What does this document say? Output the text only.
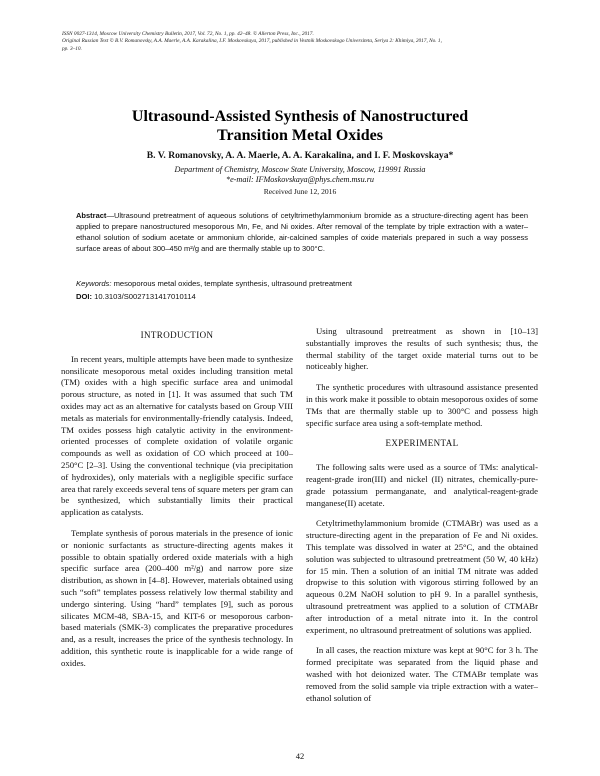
ISSN 0027-1314, Moscow University Chemistry Bulletin, 2017, Vol. 72, No. 1, pp. 42–48. © Allerton Press, Inc., 2017.
Original Russian Text © B.V. Romanovsky, A.A. Maerle, A.A. Karakalina, I.F. Moskovskaya, 2017, published in Vestnik Moskovskogo Universiteta, Seriya 2: Khimiya, 2017, No. 1,
pp. 3–10.
Ultrasound-Assisted Synthesis of Nanostructured
Transition Metal Oxides
B. V. Romanovsky, A. A. Maerle, A. A. Karakalina, and I. F. Moskovskaya*
Department of Chemistry, Moscow State University, Moscow, 119991 Russia
*e-mail: IFMoskovskaya@phys.chem.msu.ru
Received June 12, 2016
Abstract—Ultrasound pretreatment of aqueous solutions of cetyltrimethylammonium bromide as a structure-directing agent has been applied to prepare nanostructured mesoporous Mn, Fe, and Ni oxides. After removal of the template by triple extraction with a water–ethanol solution of sodium acetate or ammonium chloride, air-calcined samples of oxide materials prepared in such a way possess surface areas of about 300–450 m²/g and are thermally stable up to 300°C.
Keywords: mesoporous metal oxides, template synthesis, ultrasound pretreatment
DOI: 10.3103/S0027131417010114
INTRODUCTION

In recent years, multiple attempts have been made to synthesize nonsilicate mesoporous metal oxides including transition metal (TM) oxides with a high specific surface area and unimodal porous structure, as noted in [1]. It was assumed that such TM oxides may act as an alternative for catalysts based on Group VIII metals as materials for environmentally-friendly catalysis. Indeed, TM oxides possess high catalytic activity in the environment-oriented processes of complete oxidation of volatile organic compounds as well as oxidation of CO which proceed at 100–250°C [2–3]. Using the conventional technique (via precipitation of hydroxides), only materials with a negligible specific surface area that rarely exceeds several tens of square meters per gram can be synthesized, which substantially limits their practical application as catalysts.

Template synthesis of porous materials in the presence of ionic or nonionic surfactants as structure-directing agents makes it possible to obtain spatially ordered oxide materials with a high specific surface area (200–400 m²/g) and narrow pore size distribution, as shown in [4–8]. However, materials obtained using such “soft” templates possess relatively low thermal stability and undergo sintering. Using “hard” templates [9], such as porous silicates MCM-48, SBA-15, and KIT-6 or mesoporous carbon-based materials (SMK-3) complicates the preparative procedures and, as a result, increases the price of the synthesis technology. In addition, this synthetic route is inapplicable for a wide range of oxides.

Using ultrasound pretreatment as shown in [10–13] substantially improves the results of such synthesis; thus, the thermal stability of the target oxide material turns out to be noticeably higher.

The synthetic procedures with ultrasound assistance presented in this work make it possible to obtain mesoporous oxides of some TMs that are thermally stable up to 300°C and possess high specific surface area using a soft-template method.

EXPERIMENTAL

The following salts were used as a source of TMs: analytical-reagent-grade iron(III) and nickel (II) nitrates, chemically-pure-grade potassium permanganate, and analytical-reagent-grade manganese(II) acetate.

Cetyltrimethylammonium bromide (CTMABr) was used as a structure-directing agent in the preparation of Fe and Ni oxides. This template was dissolved in water at 25°C, and the obtained solution was subjected to ultrasound pretreatment (50 W, 40 kHz) for 15 min. Then a solution of an initial TM nitrate was added dropwise to this solution with vigorous stirring followed by an aqueous 0.2M NaOH solution to pH 9. In a parallel synthesis, ultrasound pretreatment was applied to a solution of CTMABr after introduction of a metal nitrate into it. In the control experiment, no ultrasound pretreatment of solutions was applied.

In all cases, the reaction mixture was kept at 90°C for 3 h. The formed precipitate was separated from the liquid phase and washed with hot deionized water. The CTMABr template was removed from the solid sample via triple extraction with a water–ethanol solution of

42
